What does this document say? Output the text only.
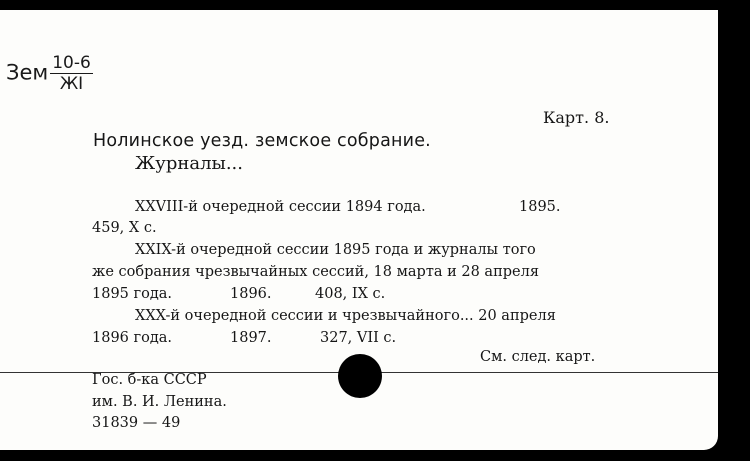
Зем $\frac{10-6}{ЖІ}$
Карт. 8.
Нолинское уезд. земское собрание.
Журналы...
XXVIII-й очередной сессии 1894 года.	1895.
459, X с.
XXIX-й очередной сессии 1895 года и журналы того
же собрания чрезвычайных сессий, 18 марта и 28 апреля
1895 года.	1896.	408, IX с.
XXX-й очередной сессии и чрезвычайного... 20 апреля
1896 года.	1897.	327, VII с.
См. след. карт.
Гос. б-ка СССР
им. В. И. Ленина.
31839 — 49
